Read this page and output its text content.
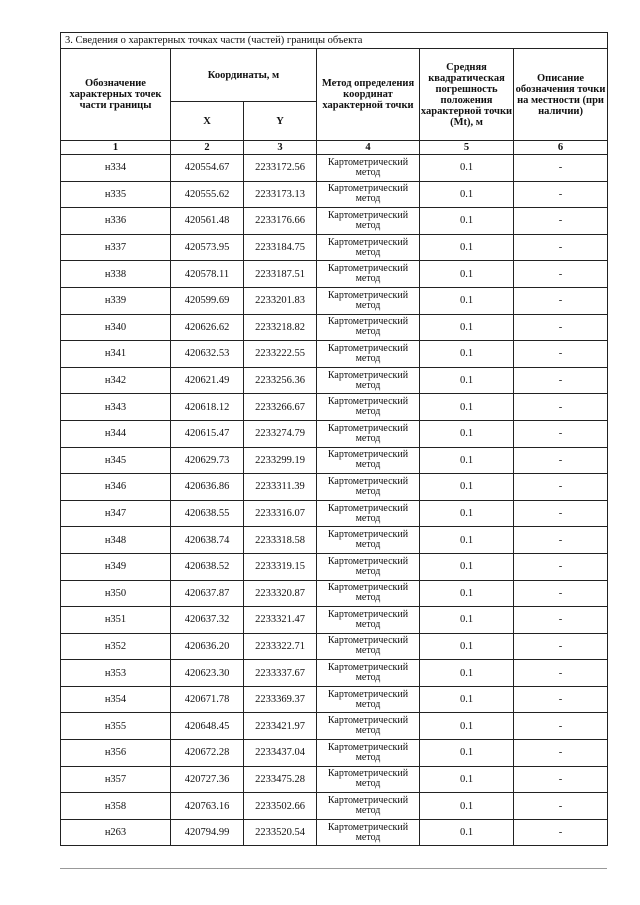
3. Сведения о характерных точках части (частей) границы объекта					
Обозначение характерных точек части границы	Координаты, м		Метод определения координат характерной точки	Средняя квадратическая погрешность положения характерной точки (Mt), м	Описание обозначения точки на местности (при наличии)
	X	Y			
1	2	3	4	5	6
н334	420554.67	2233172.56	Картометрический метод	0.1	-
н335	420555.62	2233173.13	Картометрический метод	0.1	-
н336	420561.48	2233176.66	Картометрический метод	0.1	-
н337	420573.95	2233184.75	Картометрический метод	0.1	-
н338	420578.11	2233187.51	Картометрический метод	0.1	-
н339	420599.69	2233201.83	Картометрический метод	0.1	-
н340	420626.62	2233218.82	Картометрический метод	0.1	-
н341	420632.53	2233222.55	Картометрический метод	0.1	-
н342	420621.49	2233256.36	Картометрический метод	0.1	-
н343	420618.12	2233266.67	Картометрический метод	0.1	-
н344	420615.47	2233274.79	Картометрический метод	0.1	-
н345	420629.73	2233299.19	Картометрический метод	0.1	-
н346	420636.86	2233311.39	Картометрический метод	0.1	-
н347	420638.55	2233316.07	Картометрический метод	0.1	-
н348	420638.74	2233318.58	Картометрический метод	0.1	-
н349	420638.52	2233319.15	Картометрический метод	0.1	-
н350	420637.87	2233320.87	Картометрический метод	0.1	-
н351	420637.32	2233321.47	Картометрический метод	0.1	-
н352	420636.20	2233322.71	Картометрический метод	0.1	-
н353	420623.30	2233337.67	Картометрический метод	0.1	-
н354	420671.78	2233369.37	Картометрический метод	0.1	-
н355	420648.45	2233421.97	Картометрический метод	0.1	-
н356	420672.28	2233437.04	Картометрический метод	0.1	-
н357	420727.36	2233475.28	Картометрический метод	0.1	-
н358	420763.16	2233502.66	Картометрический метод	0.1	-
н263	420794.99	2233520.54	Картометрический метод	0.1	-
